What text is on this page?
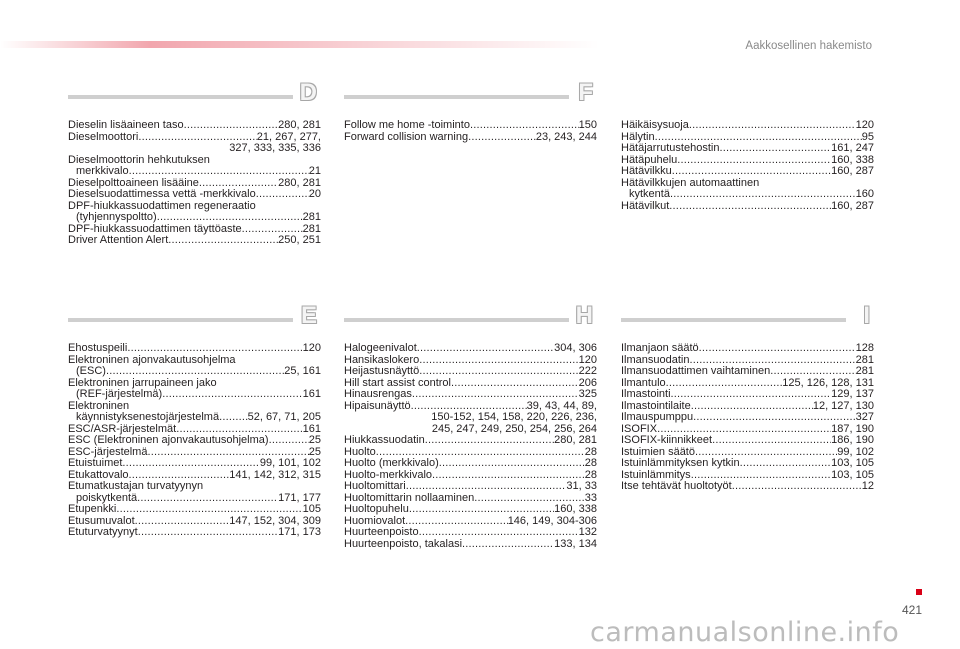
Aakkosellinen hakemisto
D
Dieselin lisäaineen taso .....	280, 281
Dieselmoottori .....	21, 267, 277,
327, 333, 335, 336
Dieselmoottorin hehkutuksen
merkkivalo .....	21
Dieselpolttoaineen lisääine .....	280, 281
Dieselsuodattimessa vettä -merkkivalo .....	20
DPF-hiukkassuodattimen regeneraatio
(tyhjennyspoltto) .....	281
DPF-hiukkassuodattimen täyttöaste .....	281
Driver Attention Alert .....	250, 251
F
Follow me home -toiminto .....	150
Forward collision warning .....	23, 243, 244
Häikäisysuoja .....	120
Hälytin .....	95
Hätäjarrutustehostin .....	161, 247
Hätäpuhelu .....	160, 338
Hätävilkku .....	160, 287
Hätävilkkujen automaattinen
kytkentä .....	160
Hätävilkut .....	160, 287
E
Ehostuspeili .....	120
Elektroninen ajonvakautusohjelma
(ESC) .....	25, 161
Elektroninen jarrupaineen jako
(REF-järjestelmä) .....	161
Elektroninen
käynnistyksenestojärjestelmä .....	52, 67, 71, 205
ESC/ASR-järjestelmät .....	161
ESC (Elektroninen ajonvakautusohjelma) .....	25
ESC-järjestelmä .....	25
Etuistuimet .....	99, 101, 102
Etukattovalo .....	141, 142, 312, 315
Etumatkustajan turvatyynyn
poiskytkentä .....	171, 177
Etupenkki .....	105
Etusumuvalot .....	147, 152, 304, 309
Etuturvatyynyt .....	171, 173
H
Halogeenivalot .....	304, 306
Hansikaslokero .....	120
Heijastusnäyttö .....	222
Hill start assist control .....	206
Hinausrengas .....	325
Hipaisunäyttö .....	39, 43, 44, 89,
150-152, 154, 158, 220, 226, 236,
245, 247, 249, 250, 254, 256, 264
Hiukkassuodatin .....	280, 281
Huolto .....	28
Huolto (merkkivalo) .....	28
Huolto-merkkivalo .....	28
Huoltomittari .....	31, 33
Huoltomittarin nollaaminen .....	33
Huoltopuhelu .....	160, 338
Huomiovalot .....	146, 149, 304-306
Huurteenpoisto .....	132
Huurteenpoisto, takalasi .....	133, 134
I
Ilmanjaon säätö .....	128
Ilmansuodatin .....	281
Ilmansuodattimen vaihtaminen .....	281
Ilmantulo .....	125, 126, 128, 131
Ilmastointi .....	129, 137
Ilmastointilaite .....	12, 127, 130
Ilmauspumppu .....	327
ISOFIX .....	187, 190
ISOFIX-kiinnikkeet .....	186, 190
Istuimien säätö .....	99, 102
Istuinlämmityksen kytkin .....	103, 105
Istuinlämmitys .....	103, 105
Itse tehtävät huoltotyöt .....	12
421
carmanualsonline.info
